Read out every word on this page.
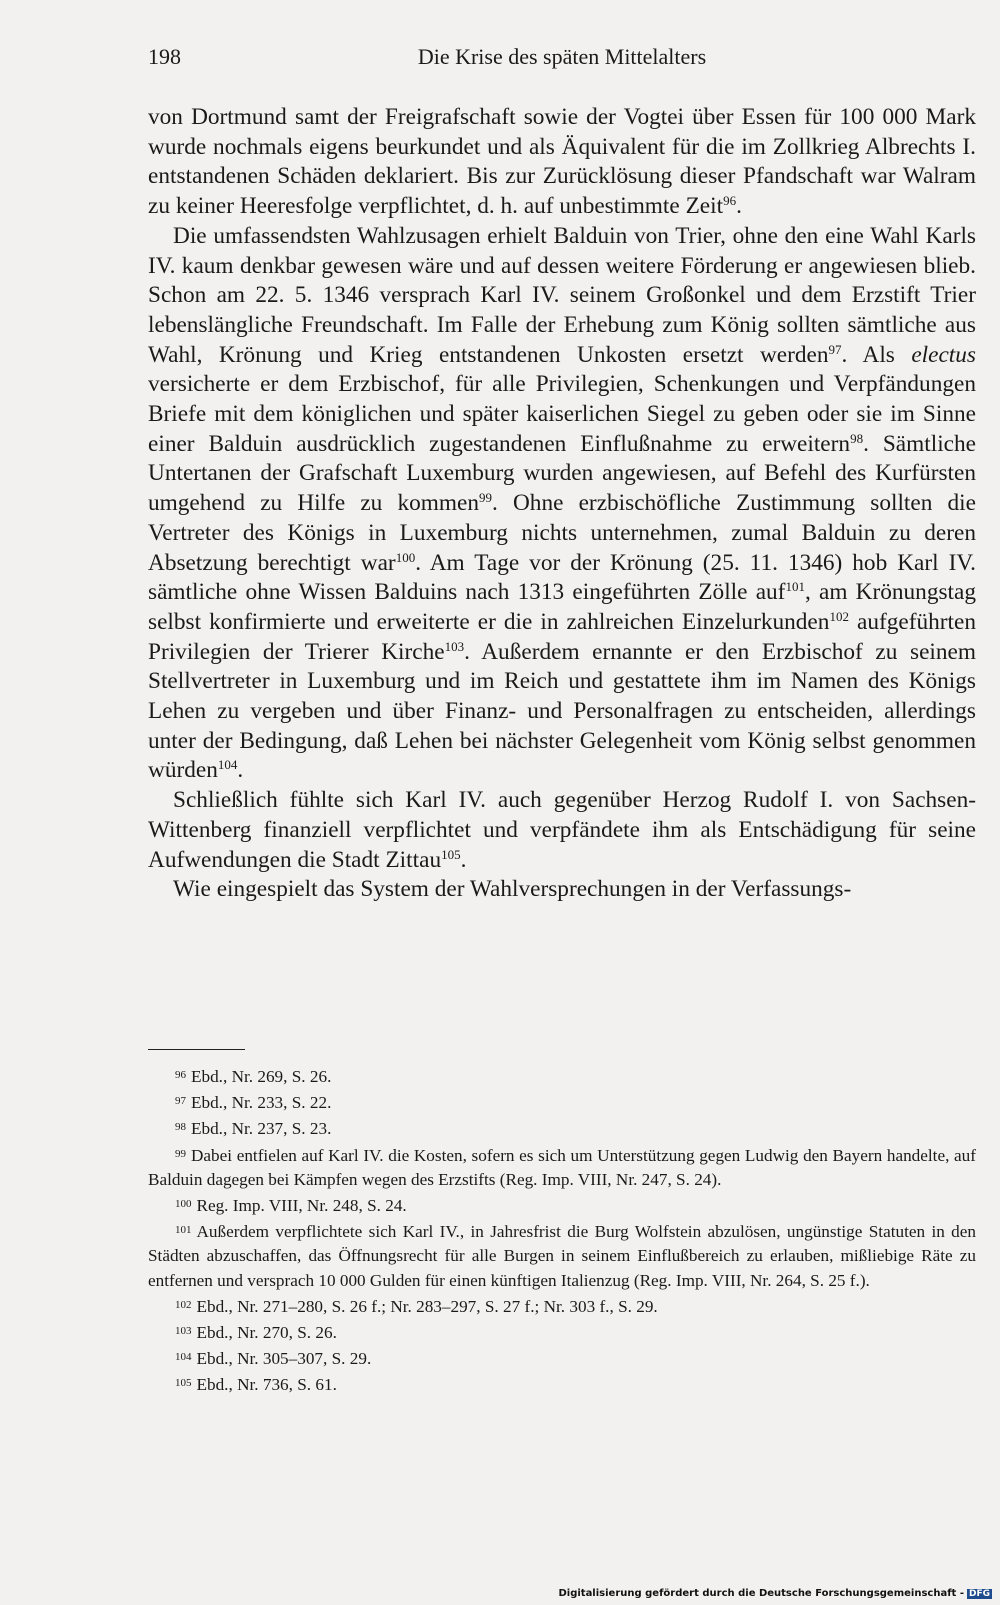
198	Die Krise des späten Mittelalters

von Dortmund samt der Freigrafschaft sowie der Vogtei über Essen für 100 000 Mark wurde nochmals eigens beurkundet und als Äquivalent für die im Zollkrieg Albrechts I. entstandenen Schäden deklariert. Bis zur Zurücklösung dieser Pfandschaft war Walram zu keiner Heeresfolge verpflichtet, d. h. auf unbestimmte Zeit$^{96}$.

Die umfassendsten Wahlzusagen erhielt Balduin von Trier, ohne den eine Wahl Karls IV. kaum denkbar gewesen wäre und auf dessen weitere Förderung er angewiesen blieb. Schon am 22. 5. 1346 versprach Karl IV. seinem Großonkel und dem Erzstift Trier lebenslängliche Freundschaft. Im Falle der Erhebung zum König sollten sämtliche aus Wahl, Krönung und Krieg entstandenen Unkosten ersetzt werden$^{97}$. Als electus versicherte er dem Erzbischof, für alle Privilegien, Schenkungen und Verpfändungen Briefe mit dem königlichen und später kaiserlichen Siegel zu geben oder sie im Sinne einer Balduin ausdrücklich zugestandenen Einflußnahme zu erweitern$^{98}$. Sämtliche Untertanen der Grafschaft Luxemburg wurden angewiesen, auf Befehl des Kurfürsten umgehend zu Hilfe zu kommen$^{99}$. Ohne erzbischöfliche Zustimmung sollten die Vertreter des Königs in Luxemburg nichts unternehmen, zumal Balduin zu deren Absetzung berechtigt war$^{100}$. Am Tage vor der Krönung (25. 11. 1346) hob Karl IV. sämtliche ohne Wissen Balduins nach 1313 eingeführten Zölle auf$^{101}$, am Krönungstag selbst konfirmierte und erweiterte er die in zahlreichen Einzelurkunden$^{102}$ aufgeführten Privilegien der Trierer Kirche$^{103}$. Außerdem ernannte er den Erzbischof zu seinem Stellvertreter in Luxemburg und im Reich und gestattete ihm im Namen des Königs Lehen zu vergeben und über Finanz- und Personalfragen zu entscheiden, allerdings unter der Bedingung, daß Lehen bei nächster Gelegenheit vom König selbst genommen würden$^{104}$.

Schließlich fühlte sich Karl IV. auch gegenüber Herzog Rudolf I. von Sachsen-Wittenberg finanziell verpflichtet und verpfändete ihm als Entschädigung für seine Aufwendungen die Stadt Zittau$^{105}$.

Wie eingespielt das System der Wahlversprechungen in der Verfassungs-

$^{96}$ Ebd., Nr. 269, S. 26.

$^{97}$ Ebd., Nr. 233, S. 22.

$^{98}$ Ebd., Nr. 237, S. 23.

$^{99}$ Dabei entfielen auf Karl IV. die Kosten, sofern es sich um Unterstützung gegen Ludwig den Bayern handelte, auf Balduin dagegen bei Kämpfen wegen des Erzstifts (Reg. Imp. VIII, Nr. 247, S. 24).

$^{100}$ Reg. Imp. VIII, Nr. 248, S. 24.

$^{101}$ Außerdem verpflichtete sich Karl IV., in Jahresfrist die Burg Wolfstein abzulösen, ungünstige Statuten in den Städten abzuschaffen, das Öffnungsrecht für alle Burgen in seinem Einflußbereich zu erlauben, mißliebige Räte zu entfernen und versprach 10 000 Gulden für einen künftigen Italienzug (Reg. Imp. VIII, Nr. 264, S. 25 f.).

$^{102}$ Ebd., Nr. 271–280, S. 26 f.; Nr. 283–297, S. 27 f.; Nr. 303 f., S. 29.

$^{103}$ Ebd., Nr. 270, S. 26.

$^{104}$ Ebd., Nr. 305–307, S. 29.

$^{105}$ Ebd., Nr. 736, S. 61.

Digitalisierung gefördert durch die Deutsche Forschungsgemeinschaft - DFG
